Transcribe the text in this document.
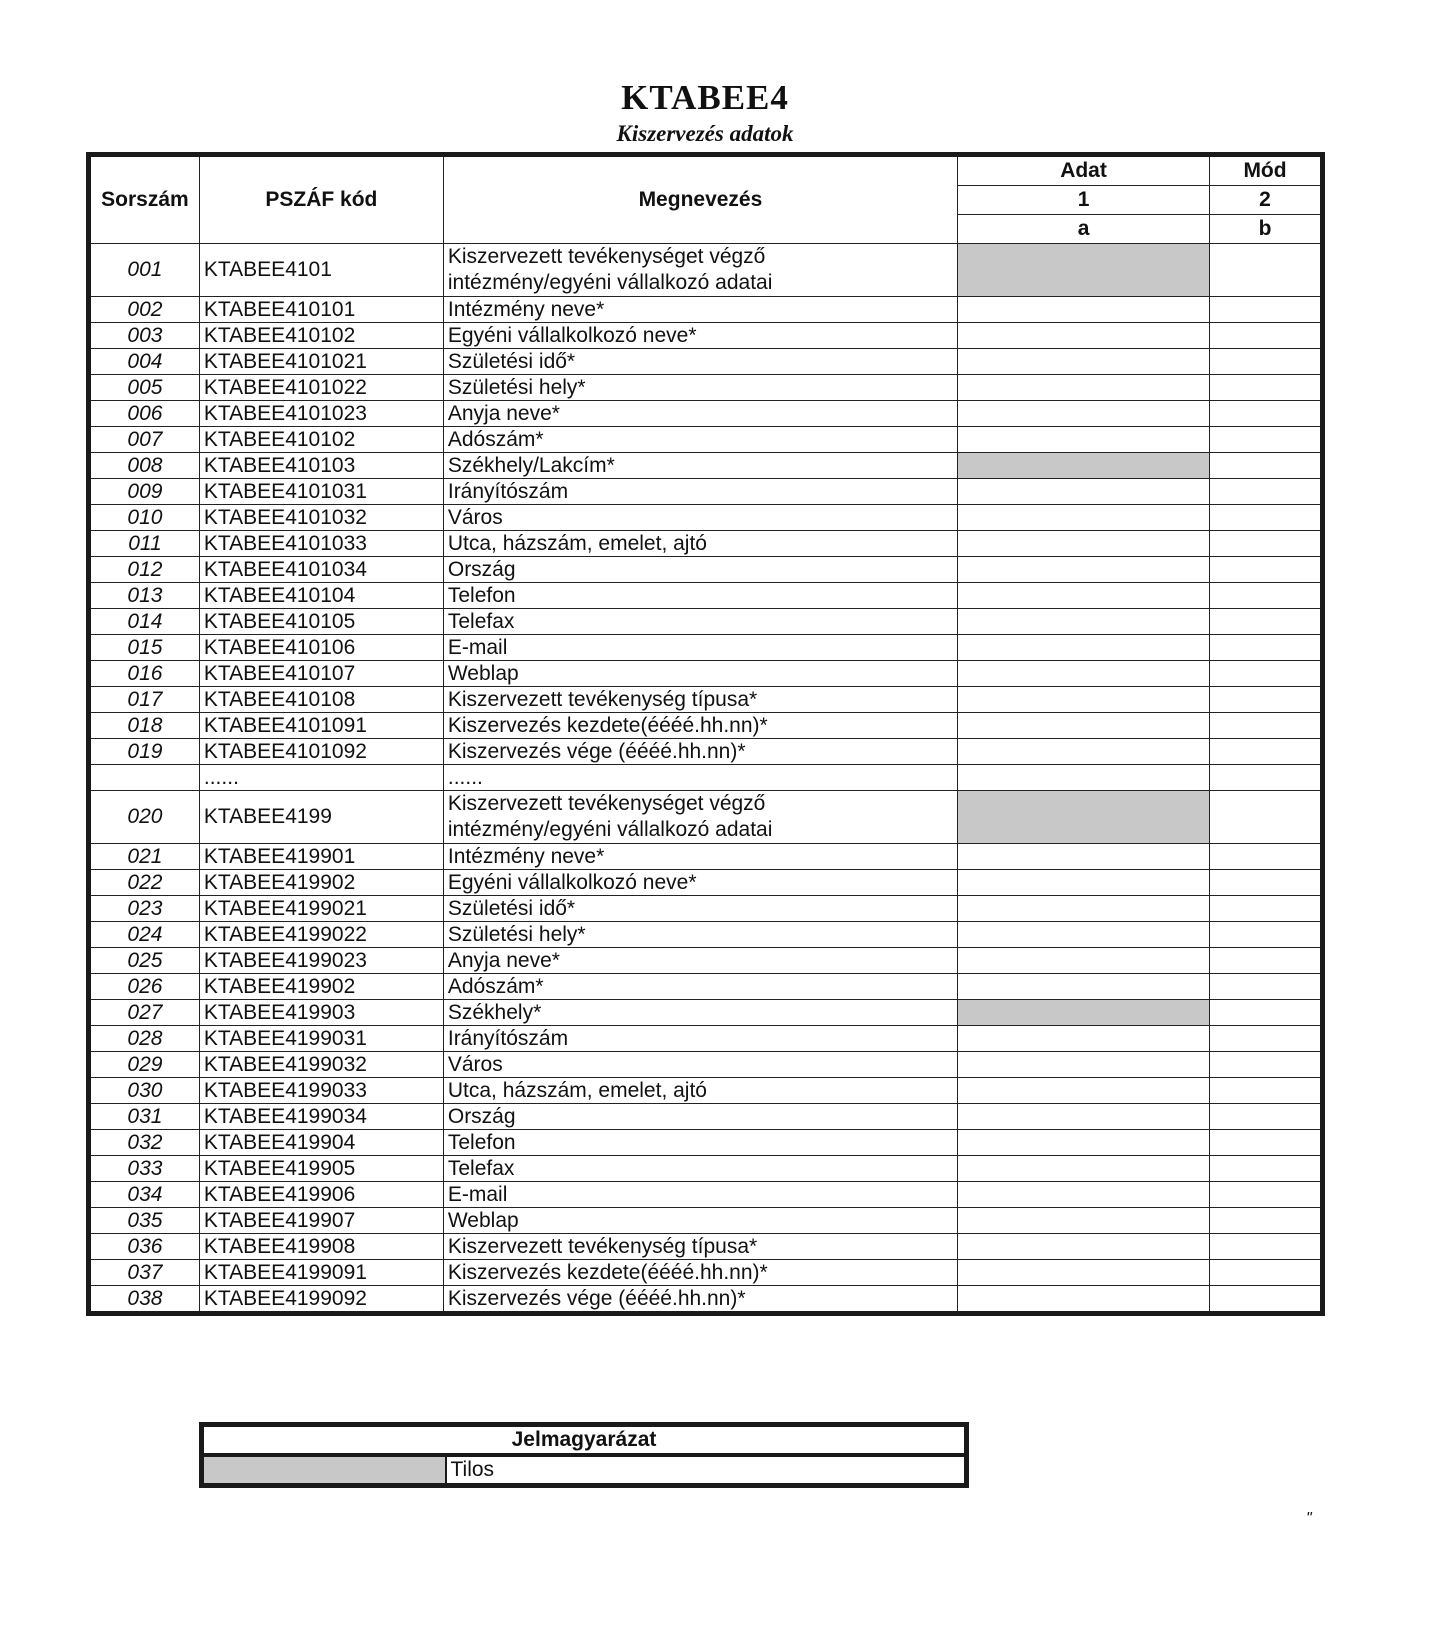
KTABEE4
Kiszervezés adatok
Sorszám	PSZÁF kód	Megnevezés	Adat	Mód
			1	2
			a	b
001	KTABEE4101	Kiszervezett tevékenységet végző
intézmény/egyéni vállalkozó adatai		

002	KTABEE410101	Intézmény neve*		

003	KTABEE410102	Egyéni vállalkolkozó neve*		

004	KTABEE4101021	Születési idő*		

005	KTABEE4101022	Születési hely*		

006	KTABEE4101023	Anyja neve*		

007	KTABEE410102	Adószám*		

008	KTABEE410103	Székhely/Lakcím*		

009	KTABEE4101031	Irányítószám		

010	KTABEE4101032	Város		

011	KTABEE4101033	Utca, házszám, emelet, ajtó		

012	KTABEE4101034	Ország		

013	KTABEE410104	Telefon		

014	KTABEE410105	Telefax		

015	KTABEE410106	E-mail		

016	KTABEE410107	Weblap		

017	KTABEE410108	Kiszervezett tevékenység típusa*		

018	KTABEE4101091	Kiszervezés kezdete(éééé.hh.nn)*		

019	KTABEE4101092	Kiszervezés vége (éééé.hh.nn)*		

	......	......		

020	KTABEE4199	Kiszervezett tevékenységet végző
intézmény/egyéni vállalkozó adatai		

021	KTABEE419901	Intézmény neve*		

022	KTABEE419902	Egyéni vállalkolkozó neve*		

023	KTABEE4199021	Születési idő*		

024	KTABEE4199022	Születési hely*		

025	KTABEE4199023	Anyja neve*		

026	KTABEE419902	Adószám*		

027	KTABEE419903	Székhely*		

028	KTABEE4199031	Irányítószám		

029	KTABEE4199032	Város		

030	KTABEE4199033	Utca, házszám, emelet, ajtó		

031	KTABEE4199034	Ország		

032	KTABEE419904	Telefon		

033	KTABEE419905	Telefax		

034	KTABEE419906	E-mail		

035	KTABEE419907	Weblap		

036	KTABEE419908	Kiszervezett tevékenység típusa*		

037	KTABEE4199091	Kiszervezés kezdete(éééé.hh.nn)*		

038	KTABEE4199092	Kiszervezés vége (éééé.hh.nn)*		

Jelmagyarázat
	Tilos
"
